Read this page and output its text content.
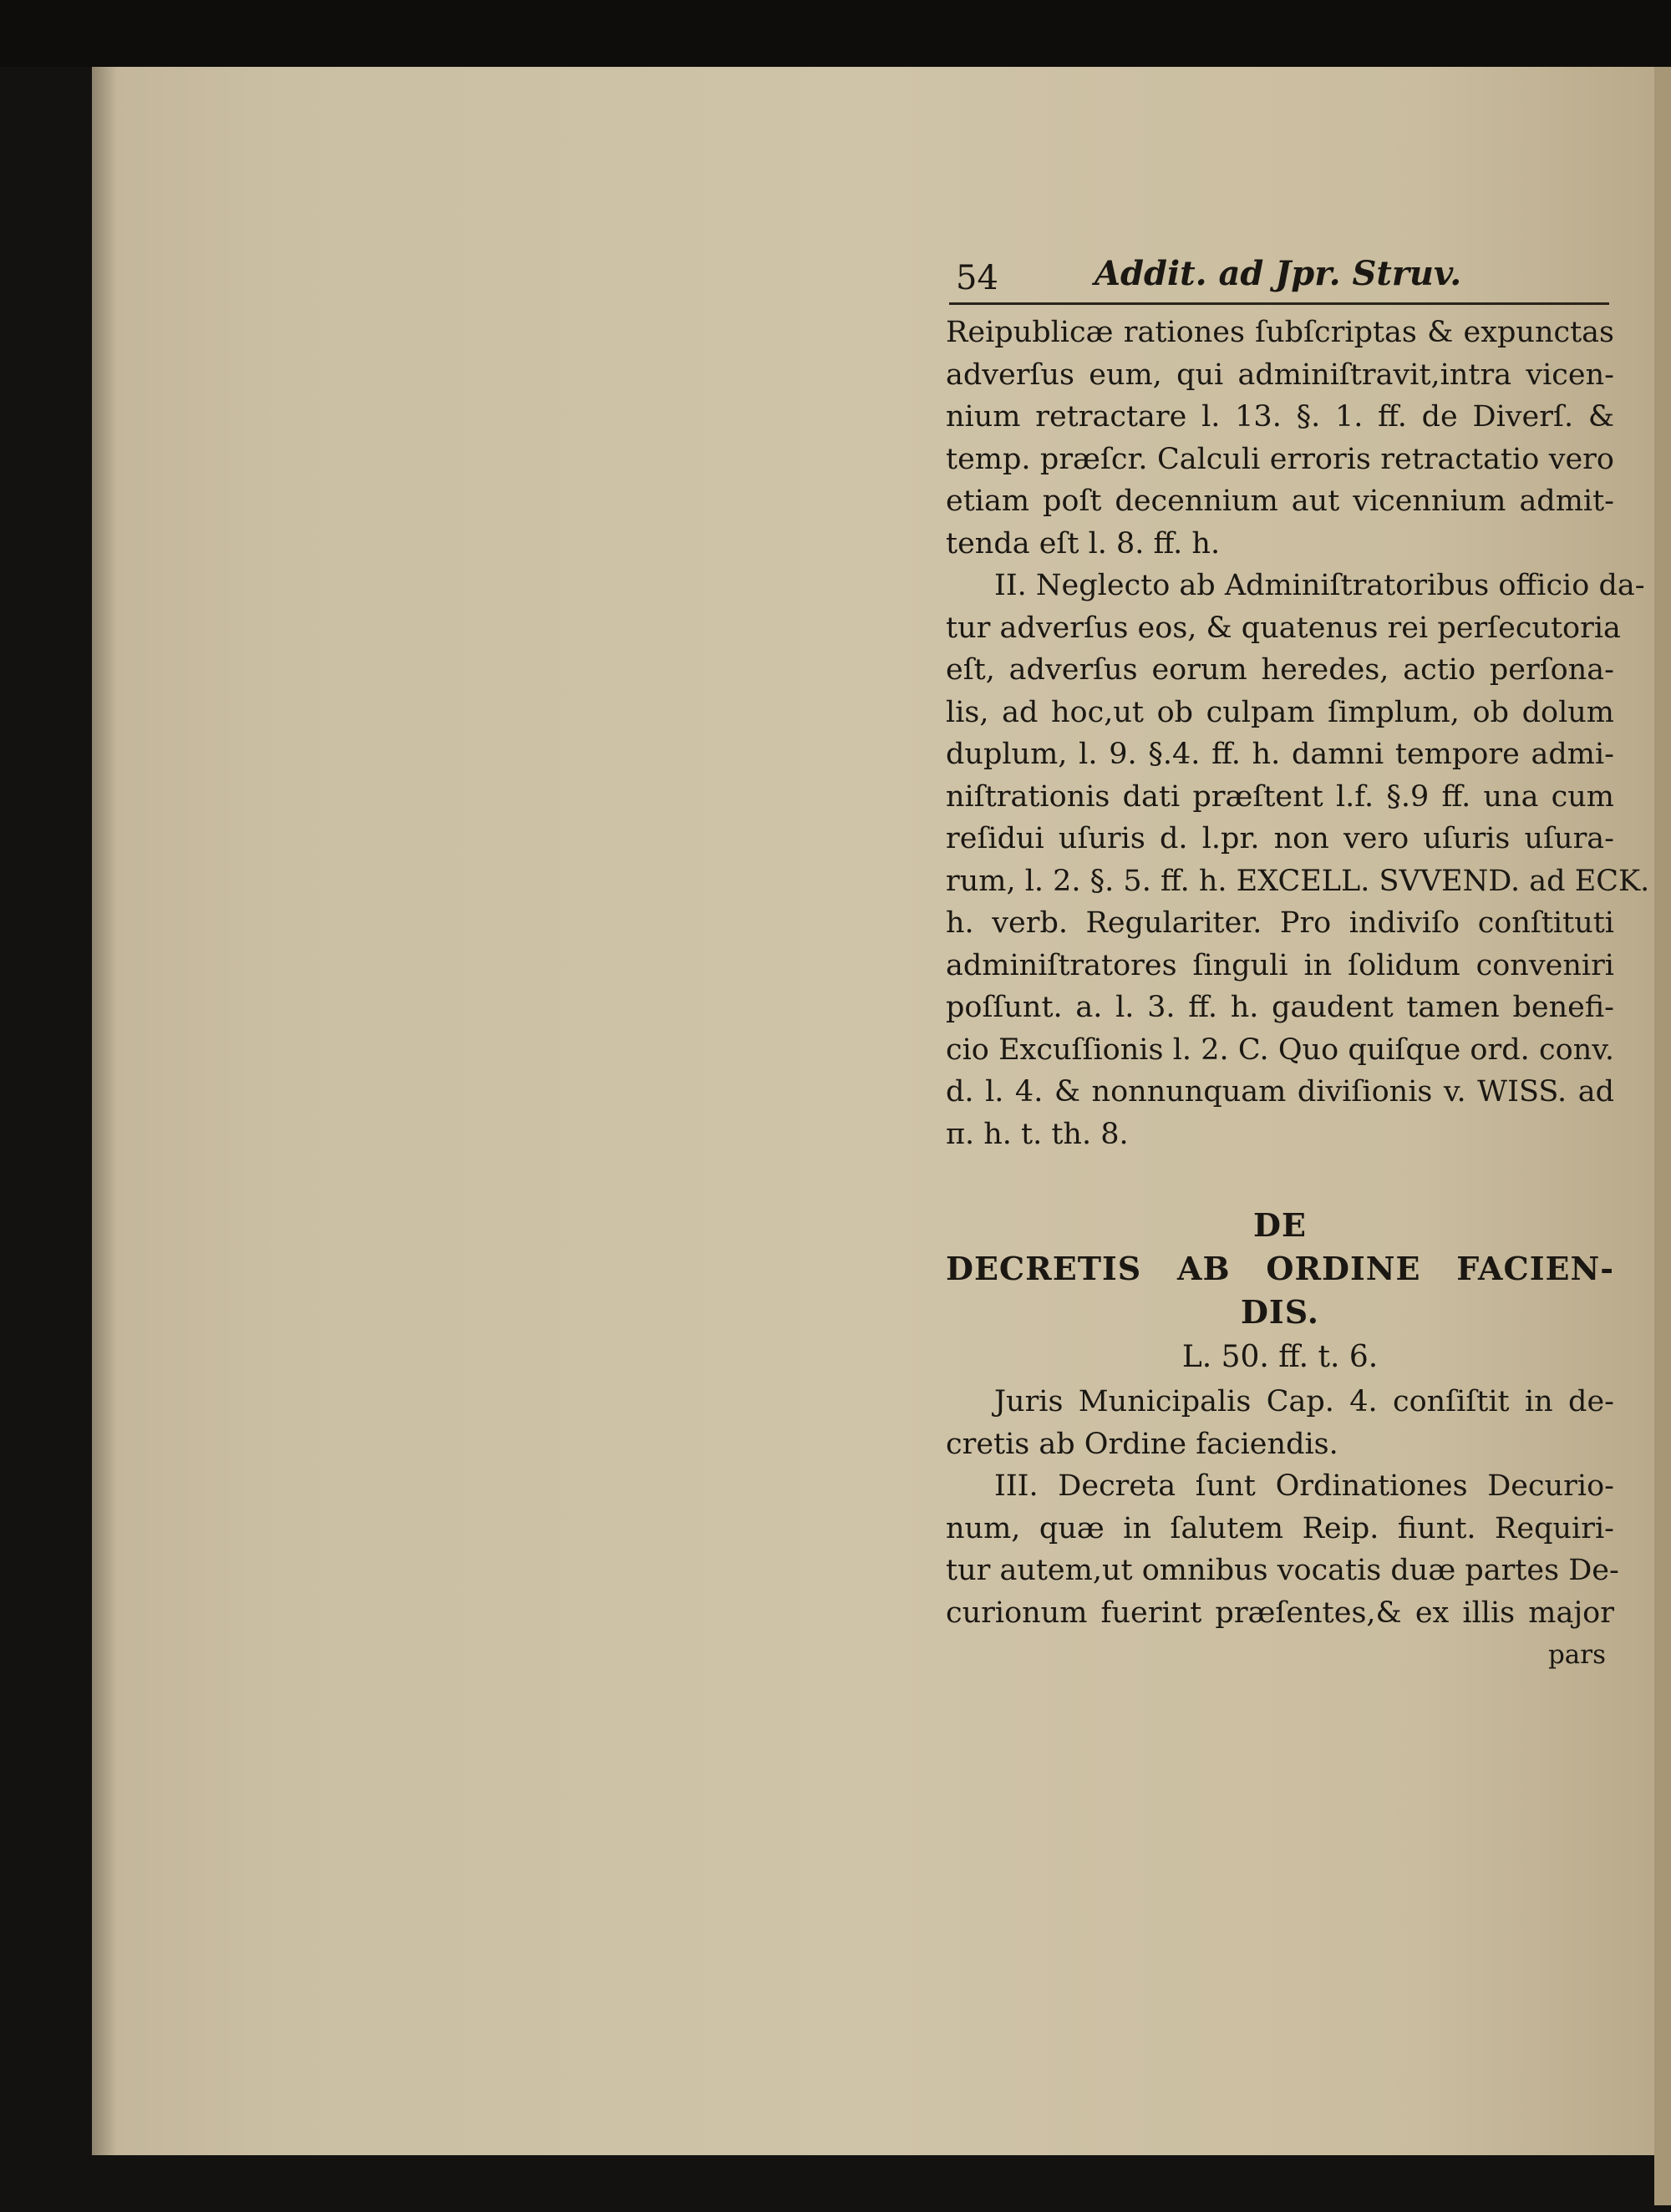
54	Addit. ad Jpr. Struv.
Reipublicæ rationes ſubſcriptas & expunctas
adverſus eum, qui adminiſtravit,intra vicen-
nium retractare l. 13. §. 1. ff. de Diverſ. &
temp. præſcr. Calculi erroris retractatio vero
etiam poſt decennium aut vicennium admit-
tenda eſt l. 8. ff. h.
II. Neglecto ab Adminiſtratoribus officio da-
tur adverſus eos, & quatenus rei perſecutoria
eſt, adverſus eorum heredes, actio perſona-
lis, ad hoc,ut ob culpam ſimplum, ob dolum
duplum, l. 9. §.4. ff. h. damni tempore admi-
niſtrationis dati præſtent l.f. §.9 ff. una cum
reſidui uſuris d. l.pr. non vero uſuris uſura-
rum, l. 2. §. 5. ff. h. EXCELL. SVVEND. ad ECK.
h. verb. Regulariter. Pro indiviſo conſtituti
adminiſtratores ſinguli in ſolidum conveniri
poſſunt. a. l. 3. ff. h. gaudent tamen benefi-
cio Excuſſionis l. 2. C. Quo quiſque ord. conv.
d. l. 4. & nonnunquam diviſionis v. WISS. ad
π. h. t. th. 8.
DE
DECRETIS AB ORDINE FACIEN-
DIS.
L. 50. ff. t. 6.
Juris Municipalis Cap. 4. conſiſtit in de-
cretis ab Ordine faciendis.
III. Decreta ſunt Ordinationes Decurio-
num, quæ in ſalutem Reip. fiunt. Requiri-
tur autem,ut omnibus vocatis duæ partes De-
curionum fuerint præſentes,& ex illis major
pars
